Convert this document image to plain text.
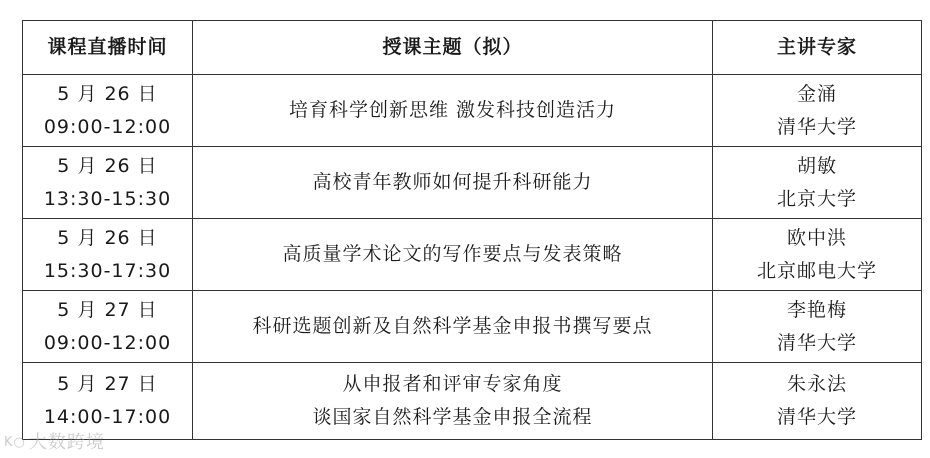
课程直播时间	授课主题（拟）	主讲专家

5 月 26 日
09:00-12:00	培育科学创新思维 激发科技创造活力	金涌
清华大学

5 月 26 日
13:30-15:30	高校青年教师如何提升科研能力	胡敏
北京大学

5 月 26 日
15:30-17:30	高质量学术论文的写作要点与发表策略	欧中洪
北京邮电大学

5 月 27 日
09:00-12:00	科研选题创新及自然科学基金申报书撰写要点	李艳梅
清华大学

5 月 27 日
14:00-17:00	从申报者和评审专家角度
谈国家自然科学基金申报全流程	朱永法
清华大学
K○ 大数跨境
